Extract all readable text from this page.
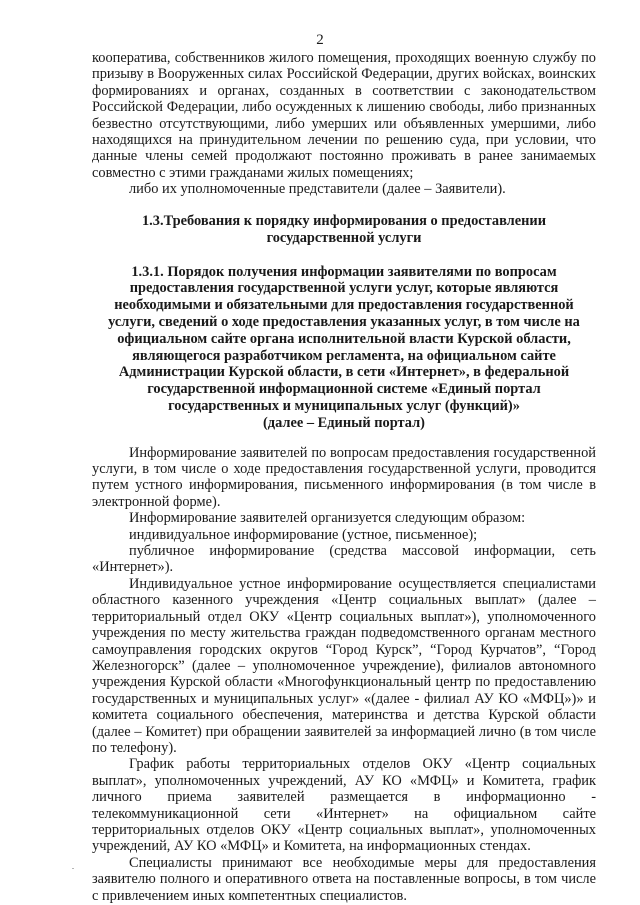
2

кооператива, собственников жилого помещения, проходящих военную службу по призыву в Вооруженных силах Российской Федерации, других войсках, воинских формированиях и органах, созданных в соответствии с законодательством Российской Федерации, либо осужденных к лишению свободы, либо признанных безвестно отсутствующими, либо умерших или объявленных умершими, либо находящихся на принудительном лечении по решению суда, при условии, что данные члены семей продолжают постоянно проживать в ранее занимаемых совместно с этими гражданами жилых помещениях;

либо их уполномоченные представители (далее – Заявители).

1.3.Требования к порядку информирования о предоставлении государственной услуги
1.3.1. Порядок получения информации заявителями по вопросам предоставления государственной услуги услуг, которые являются необходимыми и обязательными для предоставления государственной услуги, сведений о ходе предоставления указанных услуг, в том числе на официальном сайте органа исполнительной власти Курской области, являющегося разработчиком регламента, на официальном сайте Администрации Курской области, в сети «Интернет», в федеральной государственной информационной системе «Единый портал государственных и муниципальных услуг (функций)»
(далее – Единый портал)

Информирование заявителей по вопросам предоставления государственной услуги, в том числе о ходе предоставления государственной услуги, проводится путем устного информирования, письменного информирования (в том числе в электронной форме).

Информирование заявителей организуется следующим образом:

индивидуальное информирование (устное, письменное);

публичное информирование (средства массовой информации, сеть «Интернет»).

Индивидуальное устное информирование осуществляется специалистами областного казенного учреждения «Центр социальных выплат» (далее – территориальный отдел ОКУ «Центр социальных выплат»), уполномоченного учреждения по месту жительства граждан подведомственного органам местного самоуправления городских округов “Город Курск”, “Город Курчатов”, “Город Железногорск” (далее – уполномоченное учреждение), филиалов автономного учреждения Курской области «Многофункциональный центр по предоставлению государственных и муниципальных услуг» «(далее - филиал АУ КО «МФЦ»)» и комитета социального обеспечения, материнства и детства Курской области (далее – Комитет) при обращении заявителей за информацией лично (в том числе по телефону).

График работы территориальных отделов ОКУ «Центр социальных выплат», уполномоченных учреждений, АУ КО «МФЦ» и Комитета, график личного приема заявителей размещается в информационно - телекоммуникационной сети «Интернет» на официальном сайте территориальных отделов ОКУ «Центр социальных выплат», уполномоченных учреждений, АУ КО «МФЦ» и Комитета, на информационных стендах.

Специалисты принимают все необходимые меры для предоставления заявителю полного и оперативного ответа на поставленные вопросы, в том числе с привлечением иных компетентных специалистов.
